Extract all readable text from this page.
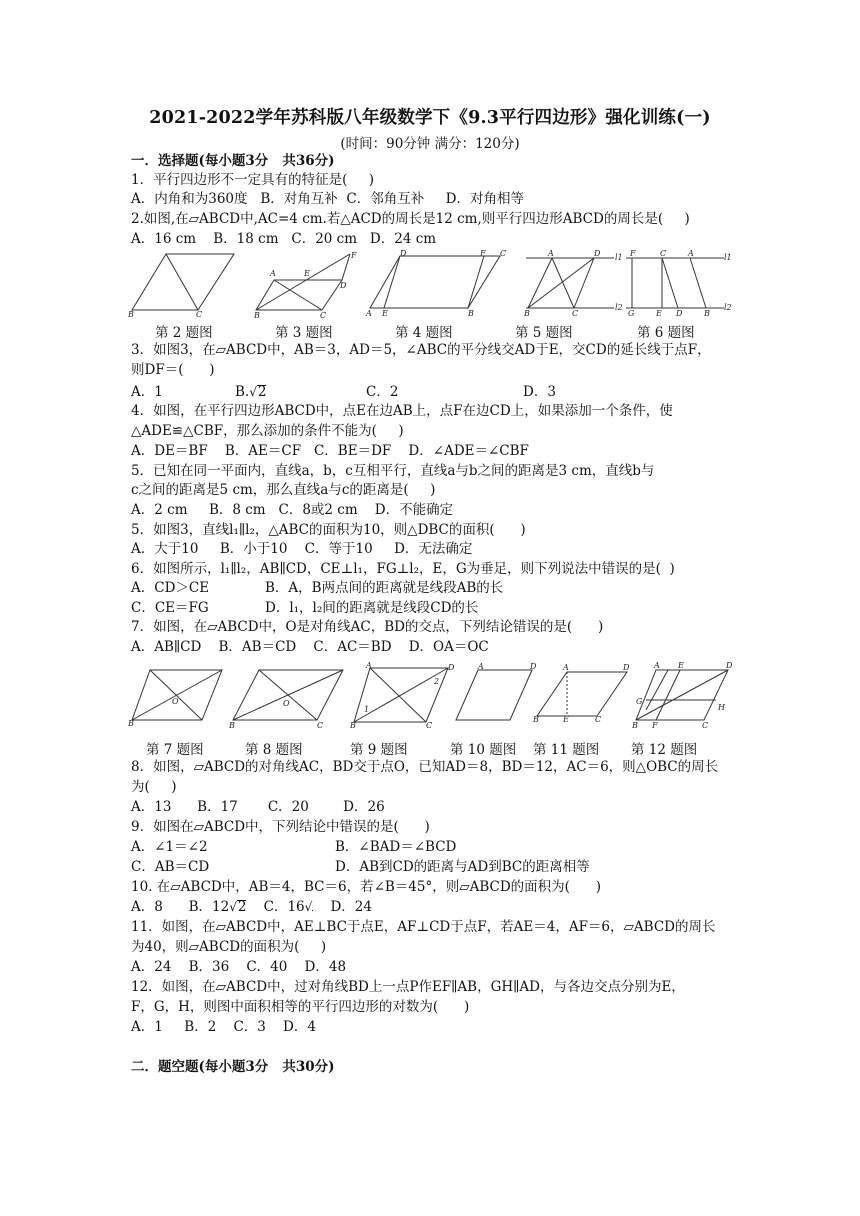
2021-2022学年苏科版八年级数学下《9.3平行四边形》强化训练(一)
(时间：90分钟 满分：120分)
一．选择题(每小题3分   共36分)
1．平行四边形不一定具有的特征是(     )
A．内角和为360度   B．对角互补  C．邻角互补     D．对角相等
2.如图,在▱ABCD中,AC=4 cm.若△ACD的周长是12 cm,则平行四边形ABCD的周长是(     )
A．16 cm    B．18 cm   C．20 cm   D．24 cm
B	C
A	E
F
D
B	C
D	F C
A E	B
A	D l1
l2
B	C
F	C	A	l1
l2
G	E D	B
第 2 题图	第 3 题图	第 4 题图	第 5 题图	第 6 题图
3．如图3，在▱ABCD中，AB＝3，AD＝5，∠ABC的平分线交AD于E，交CD的延长线于点F，
则DF＝(      )
A．1	B.√2	C．2	D．3
4．如图，在平行四边形ABCD中，点E在边AB上，点F在边CD上，如果添加一个条件，使
△ADE≌△CBF，那么添加的条件不能为(     )
A．DE＝BF    B．AE＝CF   C．BE＝DF    D．∠ADE＝∠CBF
5．已知在同一平面内，直线a，b，c互相平行，直线a与b之间的距离是3 cm，直线b与
c之间的距离是5 cm，那么直线a与c的距离是(     )
A．2 cm     B．8 cm   C．8或2 cm    D．不能确定
5．如图3，直线l₁∥l₂，△ABC的面积为10，则△DBC的面积(      )
A．大于10     B．小于10    C．等于10     D．无法确定
6．如图所示，l₁∥l₂，AB∥CD，CE⊥l₁，FG⊥l₂，E，G为垂足，则下列说法中错误的是(  )
A．CD＞CE	B．A，B两点间的距离就是线段AB的长
C．CE＝FG	D．l₁，l₂间的距离就是线段CD的长
7．如图，在▱ABCD中，O是对角线AC，BD的交点，下列结论错误的是(      )
A．AB∥CD    B．AB＝CD    C．AC＝BD    D．OA＝OC
O
B
O
B	C
A	D
1
2
B	C
A	D	A	D
B	E	C
A E	D
G
H
B F	C
第 7 题图	第 8 题图	第 9 题图	第 10 题图 第 11 题图 第 12 题图
8．如图，▱ABCD的对角线AC，BD交于点O，已知AD＝8，BD＝12，AC＝6，则△OBC的周长
为(     )
A．13      B．17       C．20        D．26
9．如图在▱ABCD中，下列结论中错误的是(      )
A．∠1＝∠2	B．∠BAD＝∠BCD
C．AB＝CD	D．AB到CD的距离与AD到BC的距离相等
10. 在▱ABCD中，AB＝4，BC＝6，若∠B＝45°，则▱ABCD的面积为(      )
A．8      B．12√2 C．16√ D．24
11．如图，在▱ABCD中，AE⊥BC于点E，AF⊥CD于点F，若AE＝4，AF＝6，▱ABCD的周长
为40，则▱ABCD的面积为(     )
A．24    B．36    C．40    D．48
12．如图，在▱ABCD中，过对角线BD上一点P作EF∥AB，GH∥AD，与各边交点分别为E，
F，G，H，则图中面积相等的平行四边形的对数为(      )
A．1     B．2    C．3    D．4
二．题空题(每小题3分   共30分)
